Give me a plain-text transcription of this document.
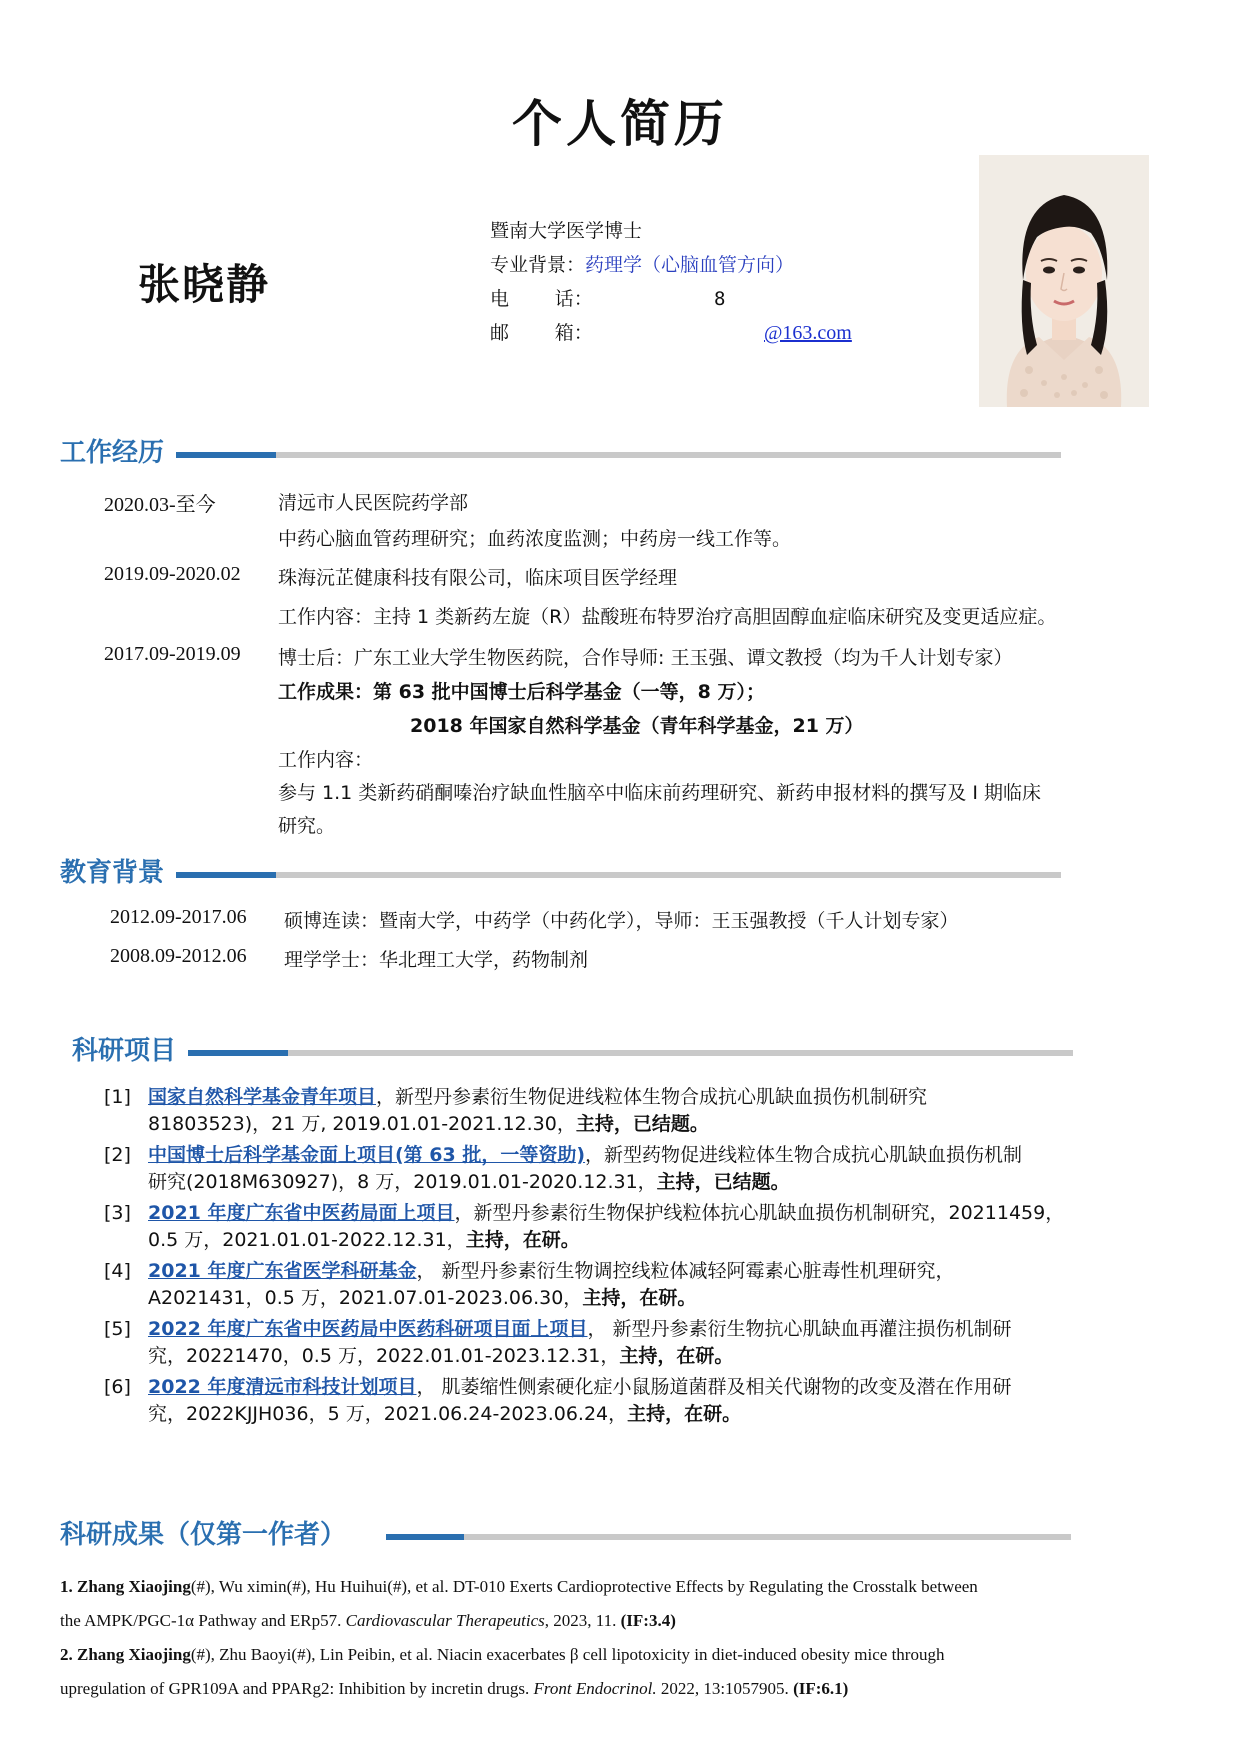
个人简历
张晓静
暨南大学医学博士
专业背景：药理学（心脑血管方向）
电    话：	8
邮    箱：	@163.com
工作经历
2020.03-至今	清远市人民医院药学部
中药心脑血管药理研究；血药浓度监测；中药房一线工作等。
2019.09-2020.02 珠海沅芷健康科技有限公司，临床项目医学经理
工作内容：主持 1 类新药左旋（R）盐酸班布特罗治疗高胆固醇血症临床研究及变更适应症。
2017.09-2019.09 博士后：广东工业大学生物医药院，合作导师: 王玉强、谭文教授（均为千人计划专家）
工作成果：第 63 批中国博士后科学基金（一等，8 万）；
2018 年国家自然科学基金（青年科学基金，21 万）
工作内容：
参与 1.1 类新药硝酮嗪治疗缺血性脑卒中临床前药理研究、新药申报材料的撰写及 I 期临床
研究。
教育背景
2012.09-2017.06 硕博连读：暨南大学，中药学（中药化学），导师：王玉强教授（千人计划专家）
2008.09-2012.06 理学学士：华北理工大学，药物制剂
科研项目
[1] 国家自然科学基金青年项目，新型丹参素衍生物促进线粒体生物合成抗心肌缺血损伤机制研究
81803523)，21 万, 2019.01.01-2021.12.30，主持，已结题。
[2] 中国博士后科学基金面上项目(第 63 批，一等资助)，新型药物促进线粒体生物合成抗心肌缺血损伤机制
研究(2018M630927)，8 万，2019.01.01-2020.12.31，主持，已结题。
[3] 2021 年度广东省中医药局面上项目，新型丹参素衍生物保护线粒体抗心肌缺血损伤机制研究，20211459，
0.5 万，2021.01.01-2022.12.31，主持，在研。
[4] 2021 年度广东省医学科研基金， 新型丹参素衍生物调控线粒体减轻阿霉素心脏毒性机理研究，
A2021431，0.5 万，2021.07.01-2023.06.30，主持，在研。
[5] 2022 年度广东省中医药局中医药科研项目面上项目， 新型丹参素衍生物抗心肌缺血再灌注损伤机制研
究，20221470，0.5 万，2022.01.01-2023.12.31，主持，在研。
[6] 2022 年度清远市科技计划项目， 肌萎缩性侧索硬化症小鼠肠道菌群及相关代谢物的改变及潜在作用研
究，2022KJJH036，5 万，2021.06.24-2023.06.24，主持，在研。
科研成果（仅第一作者）
1. Zhang Xiaojing(#), Wu ximin(#), Hu Huihui(#), et al. DT-010 Exerts Cardioprotective Effects by Regulating the Crosstalk between
the AMPK/PGC-1α Pathway and ERp57. Cardiovascular Therapeutics, 2023, 11. (IF:3.4)
2. Zhang Xiaojing(#), Zhu Baoyi(#), Lin Peibin, et al. Niacin exacerbates β cell lipotoxicity in diet-induced obesity mice through
upregulation of GPR109A and PPARg2: Inhibition by incretin drugs. Front Endocrinol. 2022, 13:1057905. (IF:6.1)
